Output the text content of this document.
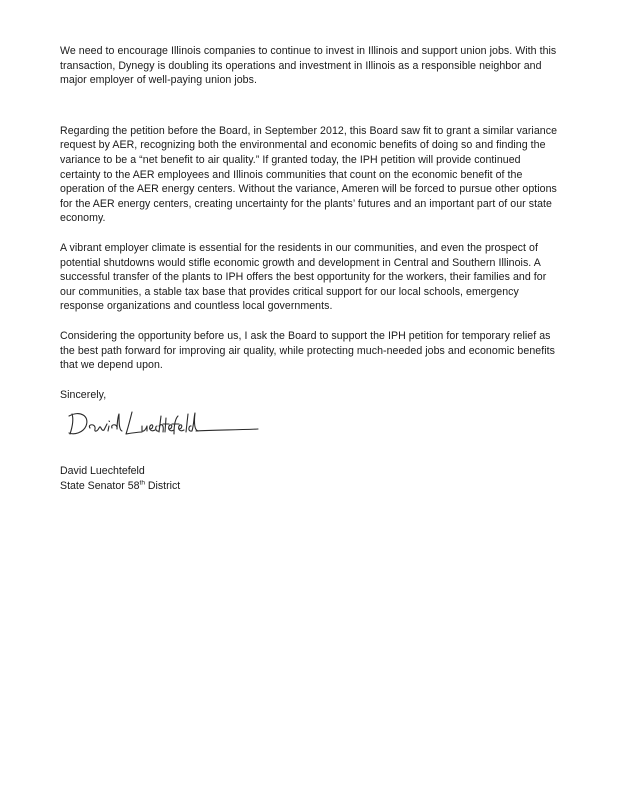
We need to encourage Illinois companies to continue to invest in Illinois and support union jobs. With this transaction, Dynegy is doubling its operations and investment in Illinois as a responsible neighbor and major employer of well-paying union jobs.

Regarding the petition before the Board, in September 2012, this Board saw fit to grant a similar variance request by AER, recognizing both the environmental and economic benefits of doing so and finding the variance to be a “net benefit to air quality.” If granted today, the IPH petition will provide continued certainty to the AER employees and Illinois communities that count on the economic benefit of the operation of the AER energy centers. Without the variance, Ameren will be forced to pursue other options for the AER energy centers, creating uncertainty for the plants’ futures and an important part of our state economy.

A vibrant employer climate is essential for the residents in our communities, and even the prospect of potential shutdowns would stifle economic growth and development in Central and Southern Illinois. A successful transfer of the plants to IPH offers the best opportunity for the workers, their families and for our communities, a stable tax base that provides critical support for our local schools, emergency response organizations and countless local governments.

Considering the opportunity before us, I ask the Board to support the IPH petition for temporary relief as the best path forward for improving air quality, while protecting much-needed jobs and economic benefits that we depend upon.

Sincerely,

David Luechtefeld

State Senator 58th District
